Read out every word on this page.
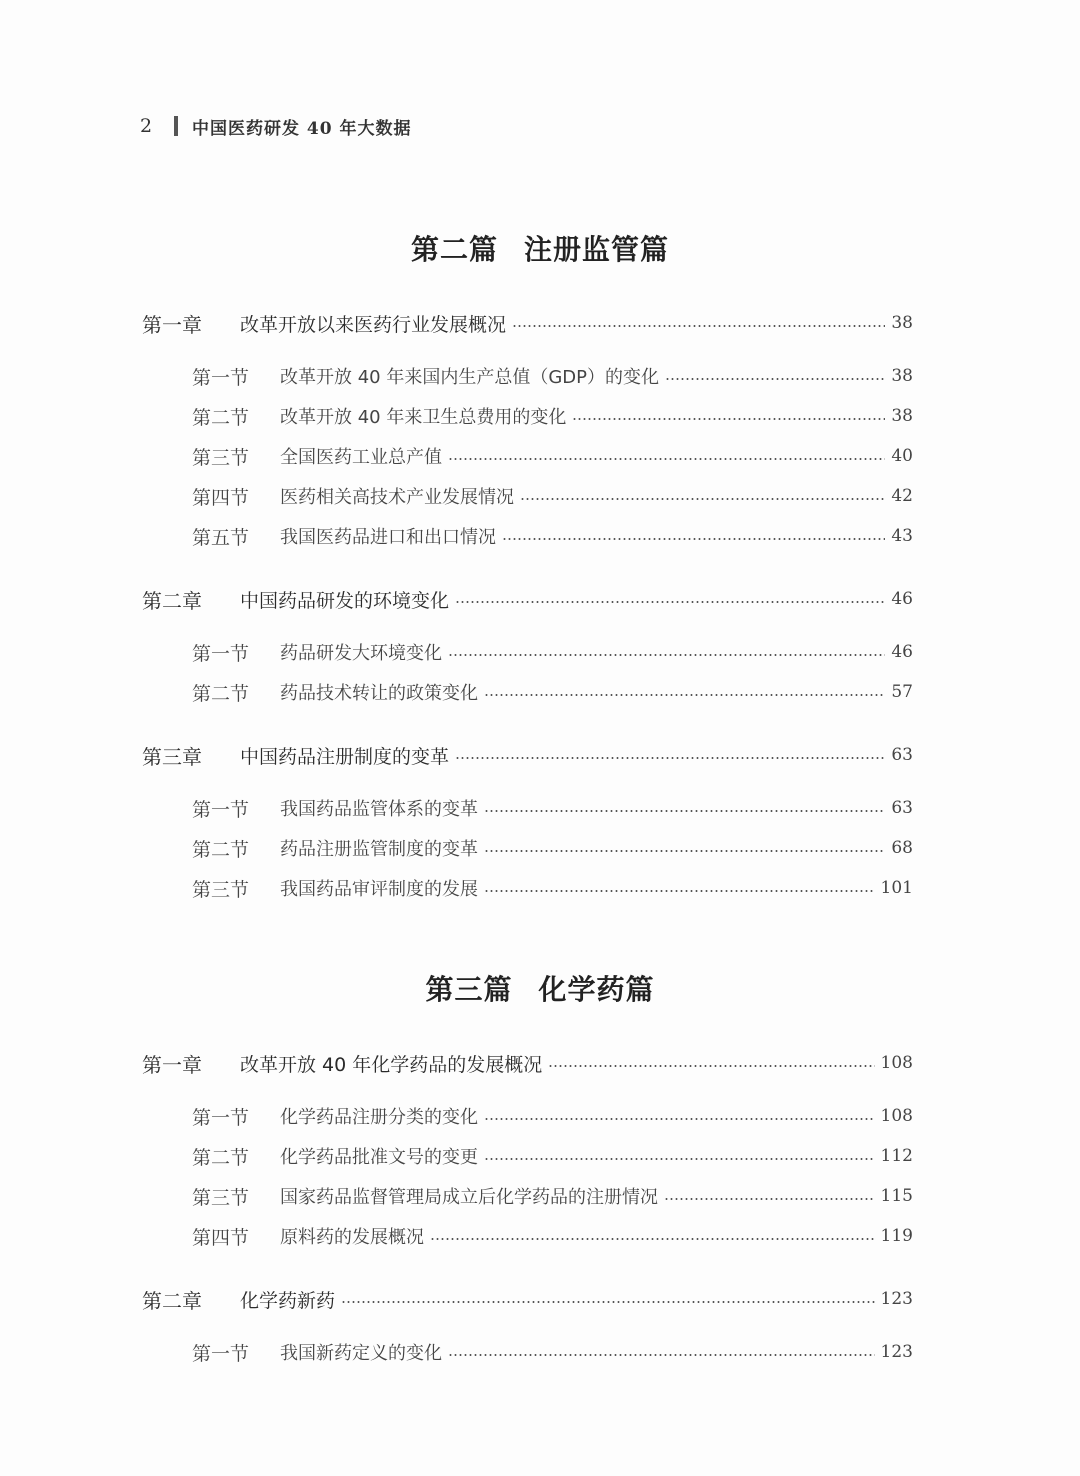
2	中国医药研发 40 年大数据
第二篇 注册监管篇
第一章	改革开放以来医药行业发展概况	38
第一节	改革开放 40 年来国内生产总值（GDP）的变化	38
第二节	改革开放 40 年来卫生总费用的变化	38
第三节	全国医药工业总产值	40
第四节	医药相关高技术产业发展情况	42
第五节	我国医药品进口和出口情况	43
第二章	中国药品研发的环境变化	46
第一节	药品研发大环境变化	46
第二节	药品技术转让的政策变化	57
第三章	中国药品注册制度的变革	63
第一节	我国药品监管体系的变革	63
第二节	药品注册监管制度的变革	68
第三节	我国药品审评制度的发展	101
第三篇 化学药篇
第一章	改革开放 40 年化学药品的发展概况	108
第一节	化学药品注册分类的变化	108
第二节	化学药品批准文号的变更	112
第三节	国家药品监督管理局成立后化学药品的注册情况	115
第四节	原料药的发展概况	119
第二章	化学药新药	123
第一节	我国新药定义的变化	123
